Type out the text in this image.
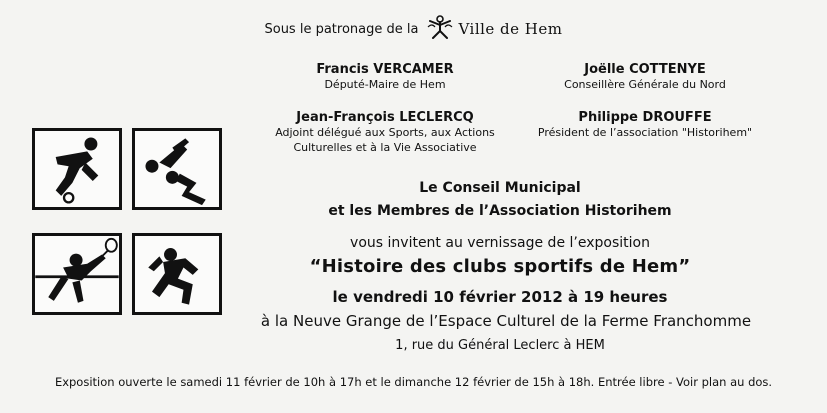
Sous le patronage de la	Ville de Hem
Francis VERCAMER
Député-Maire de Hem
Joëlle COTTENYE
Conseillère Générale du Nord
Jean-François LECLERCQ
Adjoint délégué aux Sports, aux Actions
Culturelles et à la Vie Associative
Philippe DROUFFE
Président de l’association "Historihem"
Le Conseil Municipal
et les Membres de l’Association Historihem
vous invitent au vernissage de l’exposition
“Histoire des clubs sportifs de Hem”
le vendredi 10 février 2012 à 19 heures
à la Neuve Grange de l’Espace Culturel de la Ferme Franchomme
1, rue du Général Leclerc à HEM
Exposition ouverte le samedi 11 février de 10h à 17h et le dimanche 12 février de 15h à 18h. Entrée libre - Voir plan au dos.
